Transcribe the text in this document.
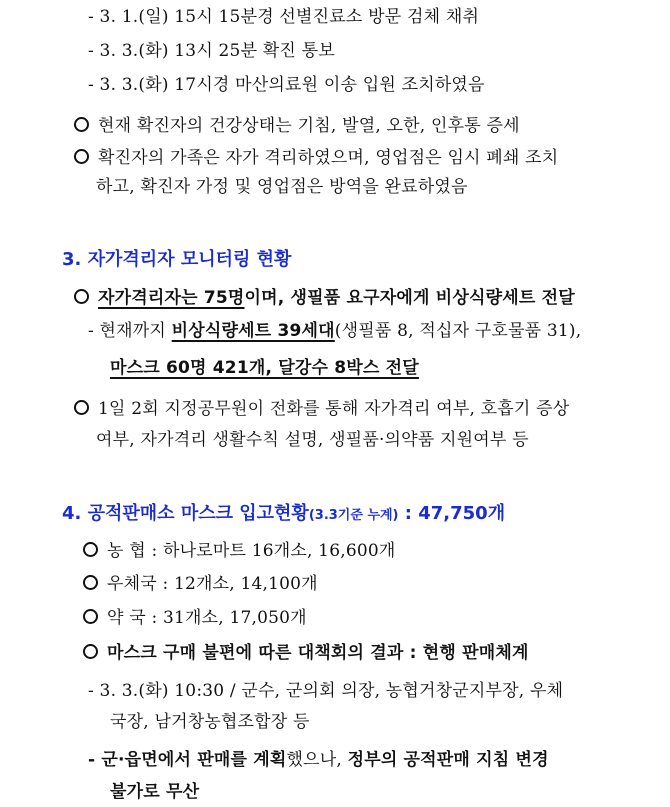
- 3. 1.(일) 15시 15분경 선별진료소 방문 검체 채취
- 3. 3.(화) 13시 25분 확진 통보
- 3. 3.(화) 17시경 마산의료원 이송 입원 조치하였음
현재 확진자의 건강상태는 기침, 발열, 오한, 인후통 증세
확진자의 가족은 자가 격리하였으며, 영업점은 임시 폐쇄 조치
하고, 확진자 가정 및 영업점은 방역을 완료하였음
3. 자가격리자 모니터링 현황
자가격리자는 75명이며, 생필품 요구자에게 비상식량세트 전달
- 현재까지 비상식량세트 39세대(생필품 8, 적십자 구호물품 31),
마스크 60명 421개, 달강수 8박스 전달
1일 2회 지정공무원이 전화를 통해 자가격리 여부, 호흡기 증상
여부, 자가격리 생활수칙 설명, 생필품·의약품 지원여부 등
4. 공적판매소 마스크 입고현황(3.3기준 누계) : 47,750개
농 협 : 하나로마트 16개소, 16,600개
우체국 : 12개소, 14,100개
약 국 : 31개소, 17,050개
마스크 구매 불편에 따른 대책회의 결과 : 현행 판매체계
- 3. 3.(화) 10:30 / 군수, 군의회 의장, 농협거창군지부장, 우체
국장, 남거창농협조합장 등
- 군·읍면에서 판매를 계획했으나, 정부의 공적판매 지침 변경
불가로 무산
